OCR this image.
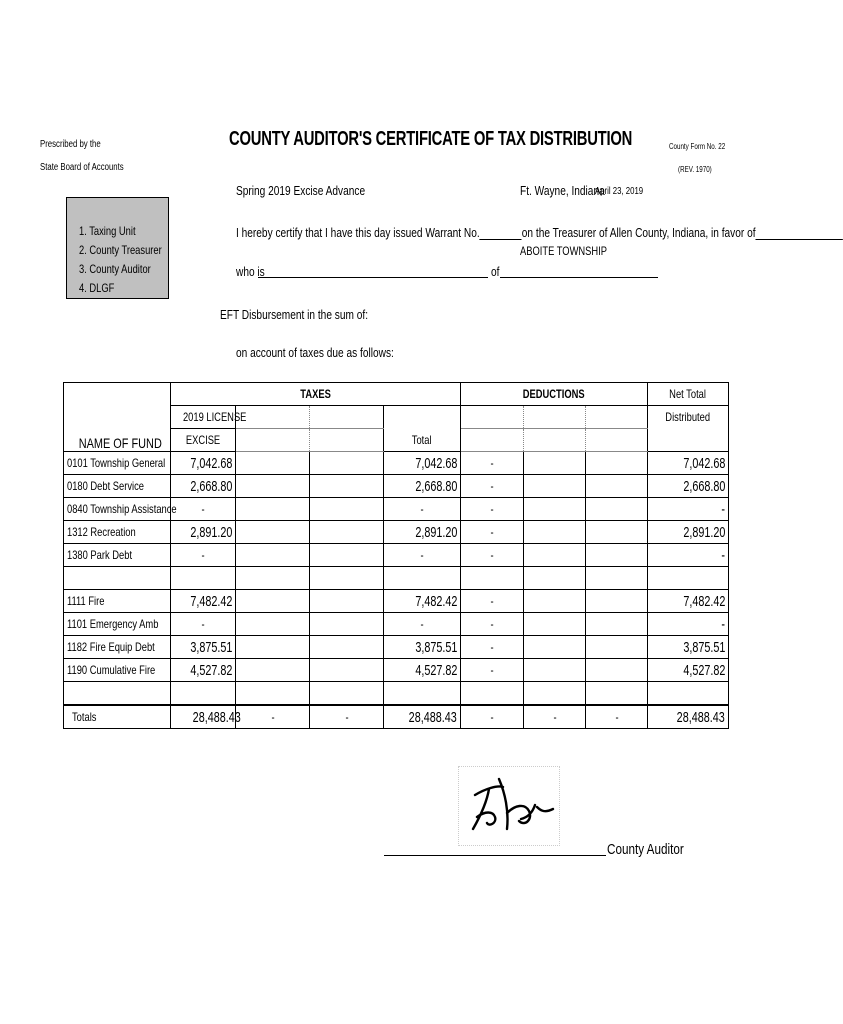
Prescribed by the
State Board of Accounts
COUNTY AUDITOR'S CERTIFICATE OF TAX DISTRIBUTION	County Form No. 22
(REV. 1970)
Spring 2019 Excise Advance	Ft. Wayne, Indiana
April 23, 2019
1. Taxing Unit
2. County Treasurer
3. County Auditor
4. DLGF
I hereby certify that I have this day issued Warrant No.	on the Treasurer of Allen County, Indiana, in favor of
ABOITE TOWNSHIP
who is	of
EFT Disbursement in the sum of:
on account of taxes due as follows:
NAME OF FUND	TAXES				DEDUCTIONS			Net Total
	2019 LICENSE							Distributed
	EXCISE			Total				
0101 Township General	7,042.68			7,042.68	-			7,042.68
0180 Debt Service	2,668.80			2,668.80	-			2,668.80
0840 Township Assistance	-			-	-			-
1312 Recreation	2,891.20			2,891.20	-			2,891.20
1380 Park Debt	-			-	-			-

1111 Fire	7,482.42			7,482.42	-			7,482.42
1101 Emergency Amb	-			-	-			-
1182 Fire Equip Debt	3,875.51			3,875.51	-			3,875.51
1190 Cumulative Fire	4,527.82			4,527.82	-			4,527.82

Totals	28,488.43	-	-	28,488.43	-	-	-	28,488.43
County Auditor
